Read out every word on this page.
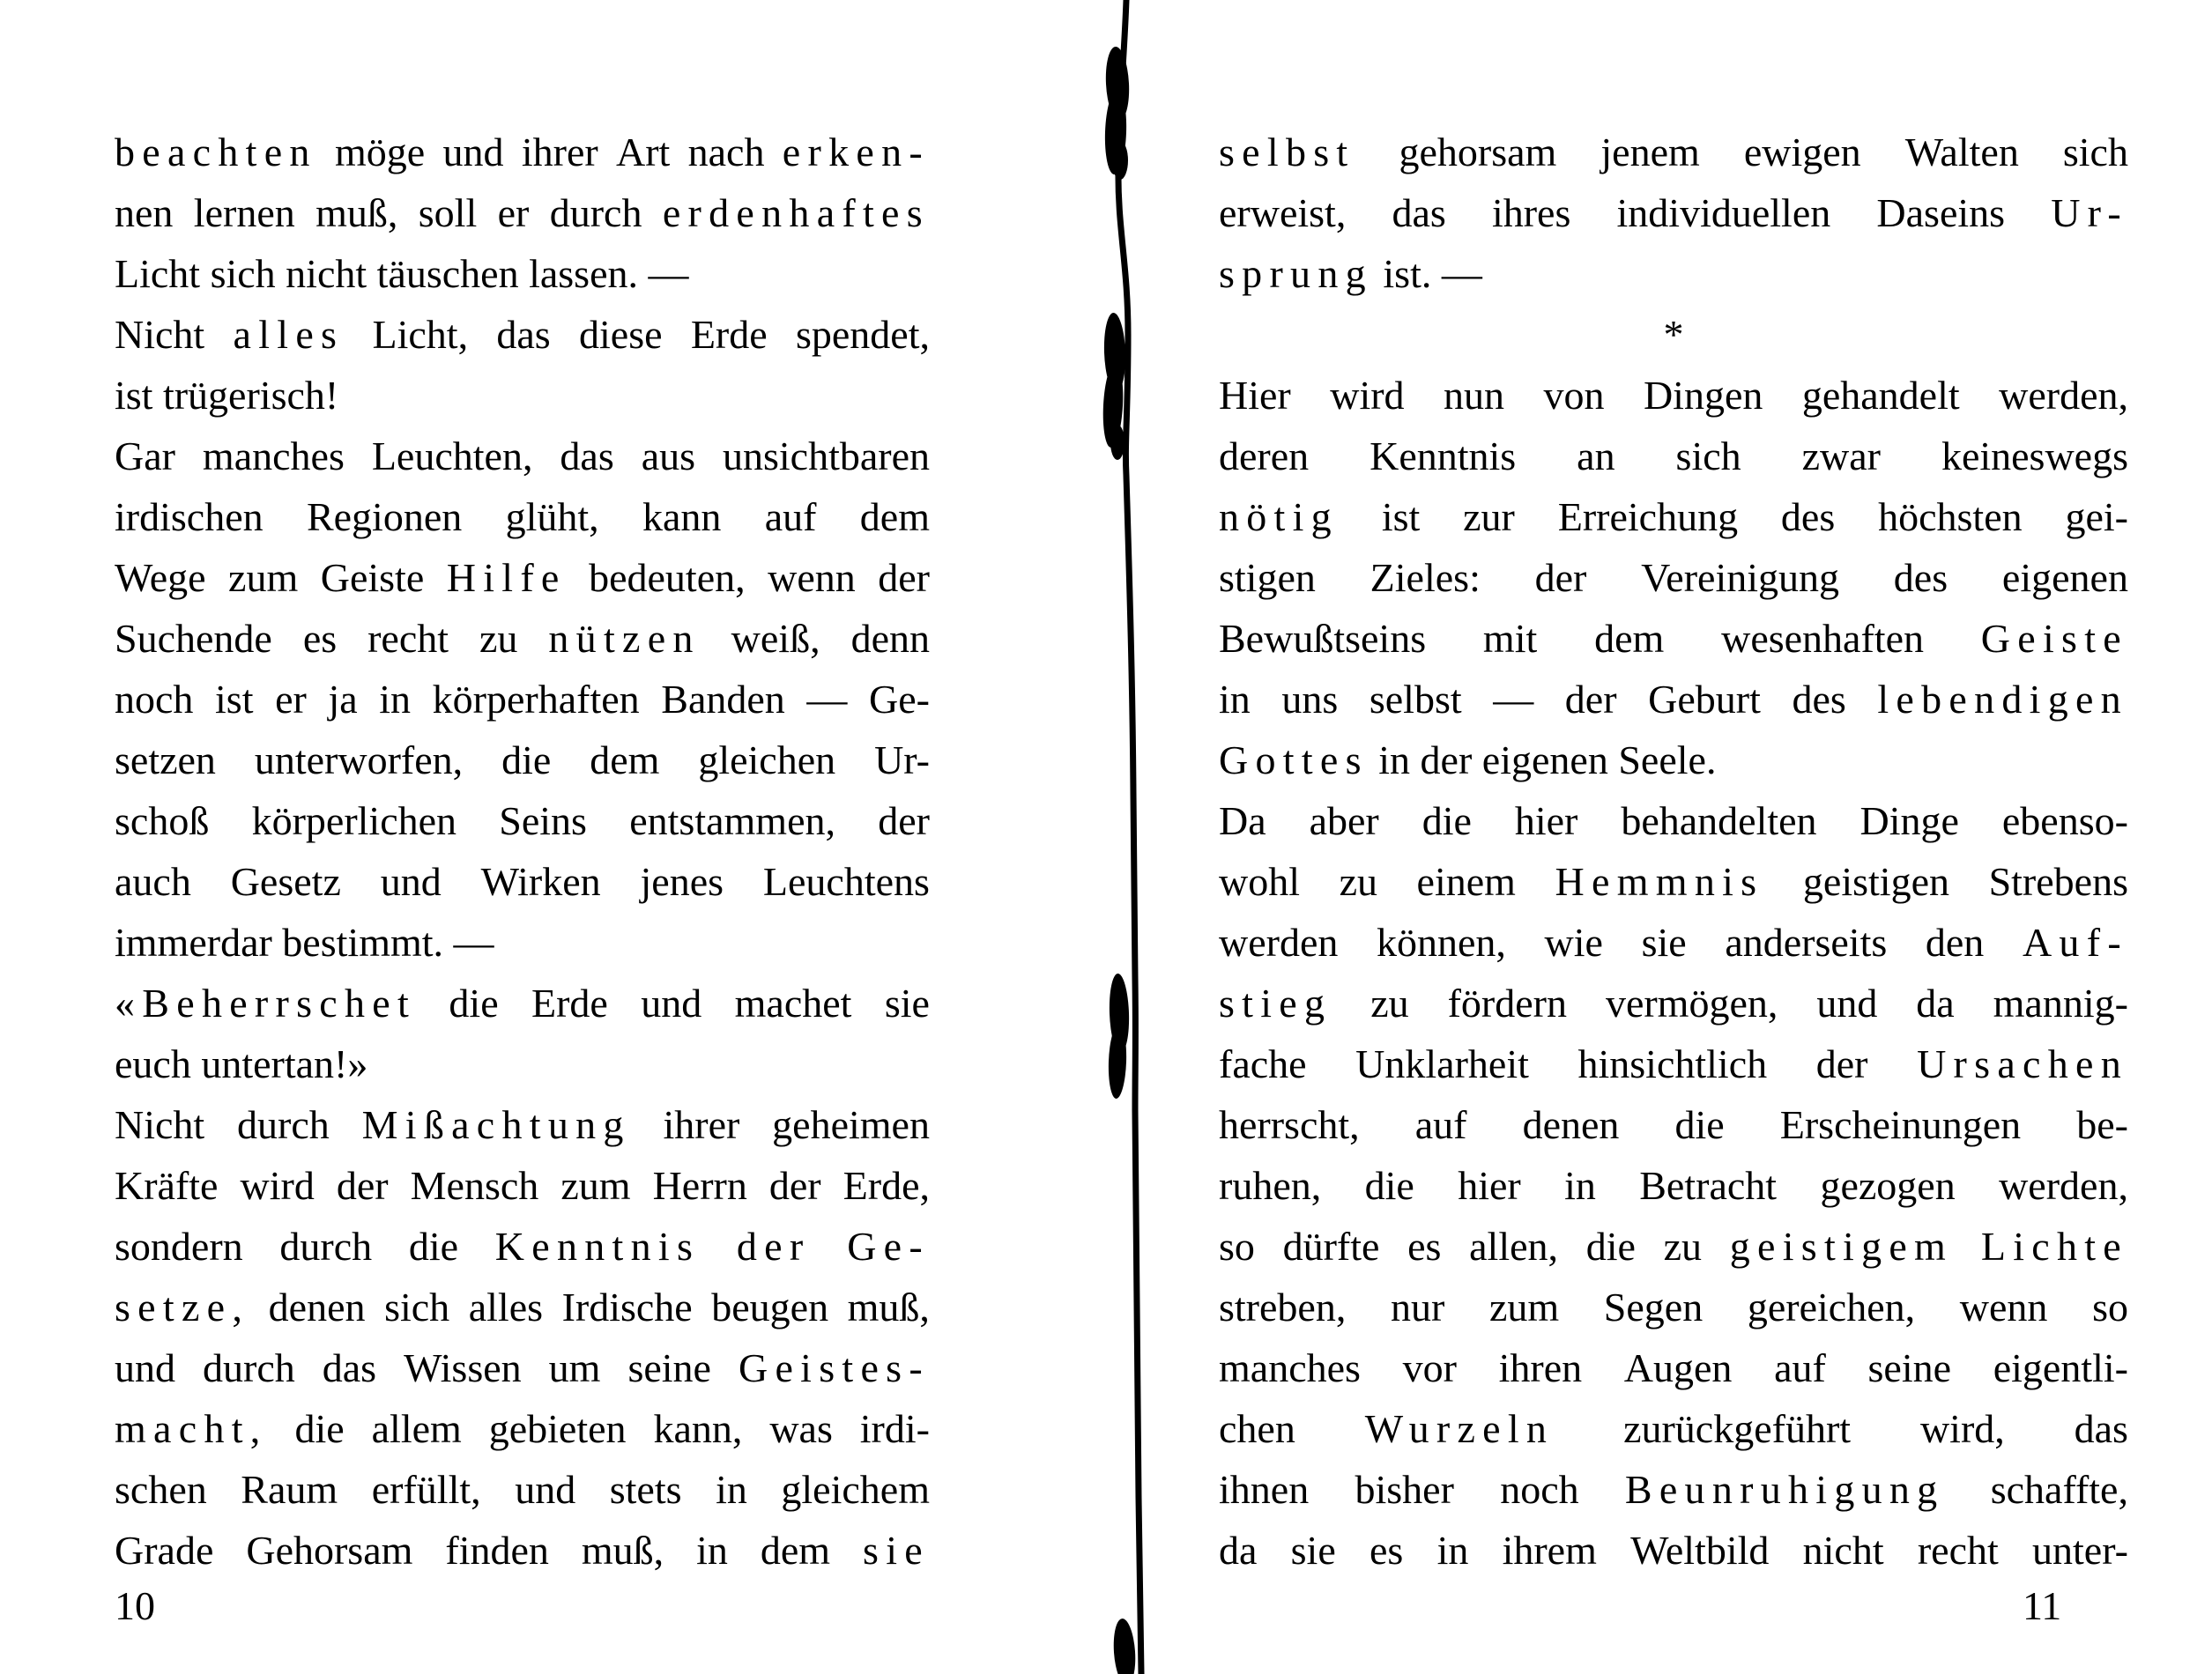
beachten möge und ihrer Art nach erken-
nen lernen muß, soll er durch erdenhaftes
Licht sich nicht täuschen lassen. —
Nicht alles Licht, das diese Erde spendet,
ist trügerisch!
Gar manches Leuchten, das aus unsichtbaren
irdischen Regionen glüht, kann auf dem
Wege zum Geiste Hilfe bedeuten, wenn der
Suchende es recht zu nützen weiß, denn
noch ist er ja in körperhaften Banden — Ge-
setzen unterworfen, die dem gleichen Ur-
schoß körperlichen Seins entstammen, der
auch Gesetz und Wirken jenes Leuchtens
immerdar bestimmt. —
«Beherrschet die Erde und machet sie
euch untertan!»
Nicht durch Mißachtung ihrer geheimen
Kräfte wird der Mensch zum Herrn der Erde,
sondern durch die Kenntnis der Ge-
setze, denen sich alles Irdische beugen muß,
und durch das Wissen um seine Geistes-
macht, die allem gebieten kann, was irdi-
schen Raum erfüllt, und stets in gleichem
Grade Gehorsam finden muß, in dem sie
selbst gehorsam jenem ewigen Walten sich
erweist, das ihres individuellen Daseins Ur-
sprung ist. —
*
Hier wird nun von Dingen gehandelt werden,
deren Kenntnis an sich zwar keineswegs
nötig ist zur Erreichung des höchsten gei-
stigen Zieles: der Vereinigung des eigenen
Bewußtseins mit dem wesenhaften Geiste
in uns selbst — der Geburt des lebendigen
Gottes in der eigenen Seele.
Da aber die hier behandelten Dinge ebenso-
wohl zu einem Hemmnis geistigen Strebens
werden können, wie sie anderseits den Auf-
stieg zu fördern vermögen, und da mannig-
fache Unklarheit hinsichtlich der Ursachen
herrscht, auf denen die Erscheinungen be-
ruhen, die hier in Betracht gezogen werden,
so dürfte es allen, die zu geistigem Lichte
streben, nur zum Segen gereichen, wenn so
manches vor ihren Augen auf seine eigentli-
chen Wurzeln zurückgeführt wird, das
ihnen bisher noch Beunruhigung schaffte,
da sie es in ihrem Weltbild nicht recht unter-
10	11
